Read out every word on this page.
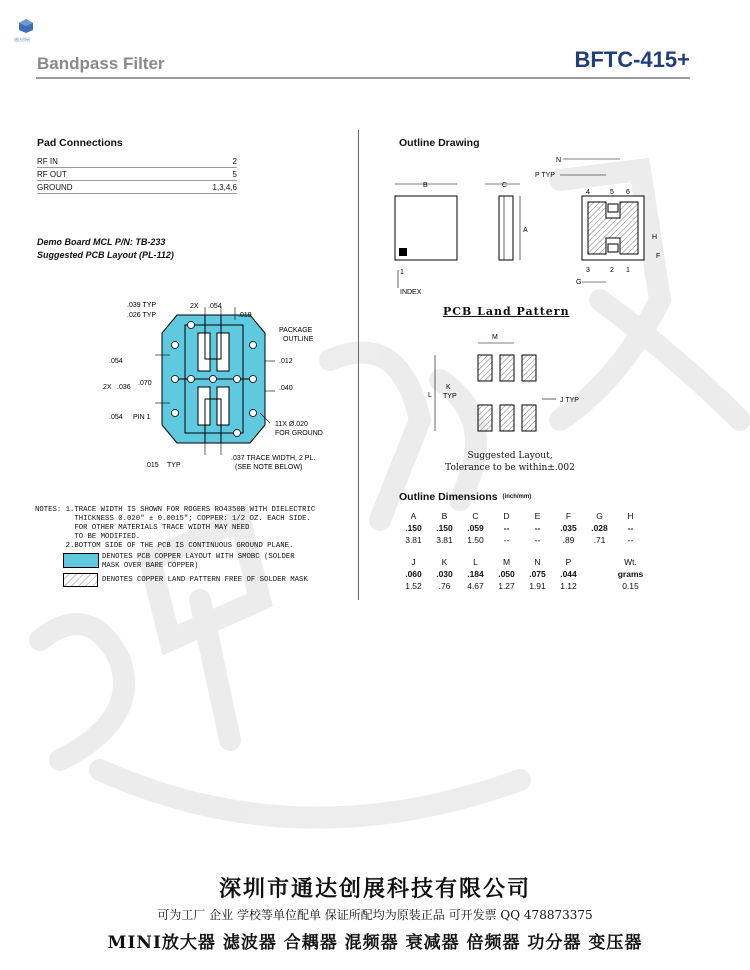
通达创展
Bandpass Filter	BFTC-415+
Pad Connections
RF IN	2
RF OUT	5
GROUND	1,3,4,6
Demo Board MCL P/N: TB-233
Suggested PCB Layout (PL-112)
.039 TYP
.026 TYP
2X .054
.019
PACKAGE
OUTLINE
.054	.012
2X .036
.070
.040
.054 PIN 1
11X Ø.020
FOR GROUND
.015 TYP
.037 TRACE WIDTH, 2 PL.
(SEE NOTE BELOW)
NOTES: 1.TRACE WIDTH IS SHOWN FOR ROGERS RO4350B WITH DIELECTRIC
THICKNESS 0.020" ± 0.0015"; COPPER: 1/2 OZ. EACH SIDE.
FOR OTHER MATERIALS TRACE WIDTH MAY NEED
TO BE MODIFIED.
2.BOTTOM SIDE OF THE PCB IS CONTINUOUS GROUND PLANE.
DENOTES PCB COPPER LAYOUT WITH SMOBC (SOLDER
MASK OVER BARE COPPER)
DENOTES COPPER LAND PATTERN FREE OF SOLDER MASK
Outline Drawing
B
1
INDEX
C
A
N
P TYP
4	5 6
3	2 1
H
F
G
PCB Land Pattern
M
L
K
TYP
J TYP
Suggested Layout,
Tolerance to be within±.002
Outline Dimensions (inch/mm)
A	B	C	D	E	F	G	H
.150	.150	.059	--	--	.035	.028	--
3.81	3.81	1.50	--	--	.89	.71	--
J	K	L	M	N	P		Wt.
.060	.030	.184	.050	.075	.044		grams
1.52	.76	4.67	1.27	1.91	1.12		0.15
深圳市通达创展科技有限公司
可为工厂 企业 学校等单位配单 保证所配均为原装正品 可开发票 QQ 478873375
MINI放大器 滤波器 合耦器 混频器 衰减器 倍频器 功分器 变压器
